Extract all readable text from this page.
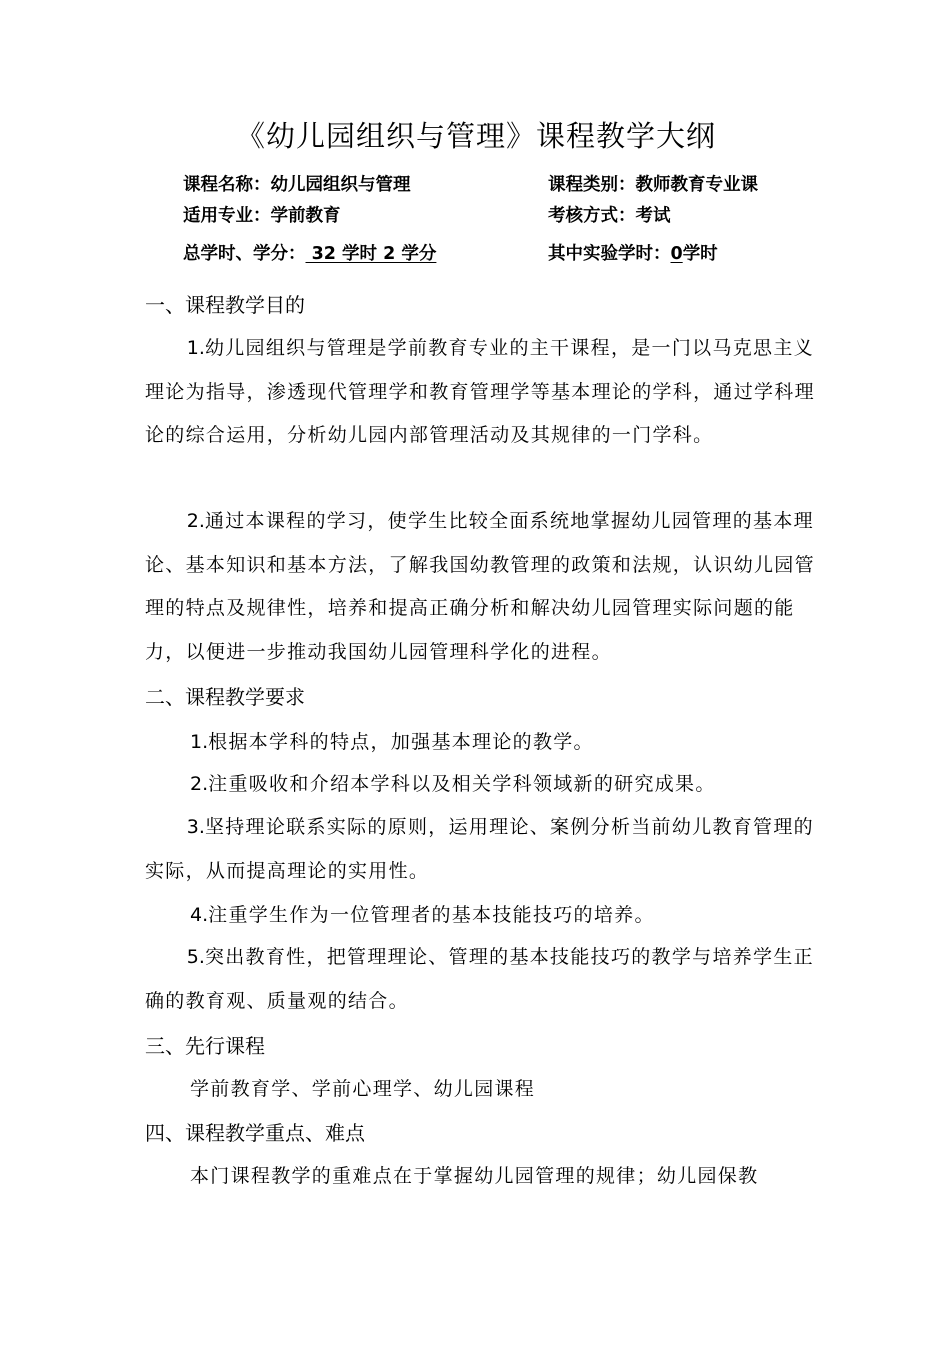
《幼儿园组织与管理》课程教学大纲
课程名称：幼儿园组织与管理	课程类别：教师教育专业课
适用专业：学前教育	考核方式：考试
总学时、学分： 32 学时 2 学分	其中实验学时：0学时
一、课程教学目的

1.幼儿园组织与管理是学前教育专业的主干课程，是一门以马克思主义理论为指导，渗透现代管理学和教育管理学等基本理论的学科，通过学科理论的综合运用，分析幼儿园内部管理活动及其规律的一门学科。

2.通过本课程的学习，使学生比较全面系统地掌握幼儿园管理的基本理论、基本知识和基本方法，了解我国幼教管理的政策和法规，认识幼儿园管理的特点及规律性，培养和提高正确分析和解决幼儿园管理实际问题的能力，以便进一步推动我国幼儿园管理科学化的进程。

二、课程教学要求
1.根据本学科的特点，加强基本理论的教学。
2.注重吸收和介绍本学科以及相关学科领域新的研究成果。

3.坚持理论联系实际的原则，运用理论、案例分析当前幼儿教育管理的实际，从而提高理论的实用性。

4.注重学生作为一位管理者的基本技能技巧的培养。

5.突出教育性，把管理理论、管理的基本技能技巧的教学与培养学生正确的教育观、质量观的结合。

三、先行课程
学前教育学、学前心理学、幼儿园课程
四、课程教学重点、难点
本门课程教学的重难点在于掌握幼儿园管理的规律；幼儿园保教
